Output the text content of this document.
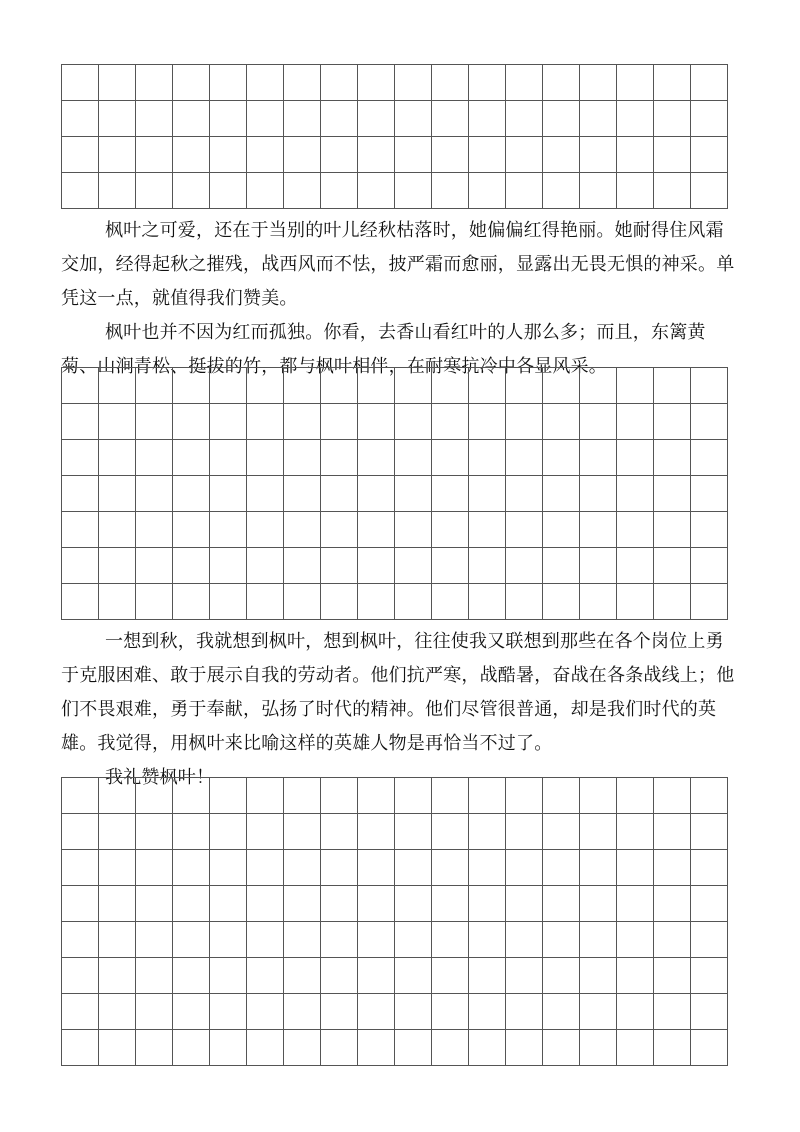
枫叶之可爱，还在于当别的叶儿经秋枯落时，她偏偏红得艳丽。她耐得住风霜交加，经得起秋之摧残，战西风而不怯，披严霜而愈丽，显露出无畏无惧的神采。单凭这一点，就值得我们赞美。

枫叶也并不因为红而孤独。你看，去香山看红叶的人那么多；而且，东篱黄菊、山涧青松、挺拔的竹，都与枫叶相伴，在耐寒抗冷中各显风采。

一想到秋，我就想到枫叶，想到枫叶，往往使我又联想到那些在各个岗位上勇于克服困难、敢于展示自我的劳动者。他们抗严寒，战酷暑，奋战在各条战线上；他们不畏艰难，勇于奉献，弘扬了时代的精神。他们尽管很普通，却是我们时代的英雄。我觉得，用枫叶来比喻这样的英雄人物是再恰当不过了。

我礼赞枫叶！
